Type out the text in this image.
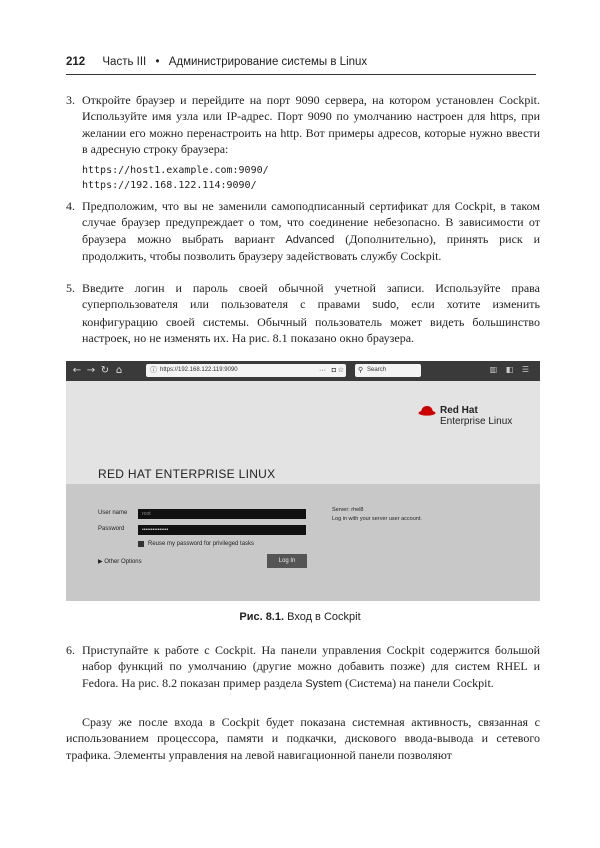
212 Часть III • Администрирование системы в Linux
3. Откройте браузер и перейдите на порт 9090 сервера, на котором установлен Cockpit. Используйте имя узла или IP-адрес. Порт 9090 по умолчанию настроен для https, при желании его можно перенастроить на http. Вот примеры адресов, которые нужно ввести в адресную строку браузера:
https://host1.example.com:9090/
https://192.168.122.114:9090/
4. Предположим, что вы не заменили самоподписанный сертификат для Cockpit, в таком случае браузер предупреждает о том, что соединение небезопасно. В зависимости от браузера можно выбрать вариант Advanced (Дополнительно), принять риск и продолжить, чтобы позволить браузеру задействовать службу Cockpit.
5. Введите логин и пароль своей обычной учетной записи. Используйте права суперпользователя или пользователя с правами sudo, если хотите изменить конфигурацию своей системы. Обычный пользователь может видеть большинство настроек, но не изменять их. На рис. 8.1 показано окно браузера.
← → ↻ ⌂	ⓘ https://192.168.122.119:9090	··· ◘ ☆ ⚲ Search	▥ ◧ ☰
Red Hat
Enterprise Linux
RED HAT ENTERPRISE LINUX
User name	root
Password	•••••••••••••••
Reuse my password for privileged tasks
▶ Other Options	Log In
Server: rhel8
Log in with your server user account.
Рис. 8.1. Вход в Cockpit
6. Приступайте к работе с Cockpit. На панели управления Cockpit содержится большой набор функций по умолчанию (другие можно добавить позже) для систем RHEL и Fedora. На рис. 8.2 показан пример раздела System (Система) на панели Cockpit.
Сразу же после входа в Cockpit будет показана системная активность, связанная с использованием процессора, памяти и подкачки, дискового ввода-вывода и сетевого трафика. Элементы управления на левой навигационной панели позволяют
